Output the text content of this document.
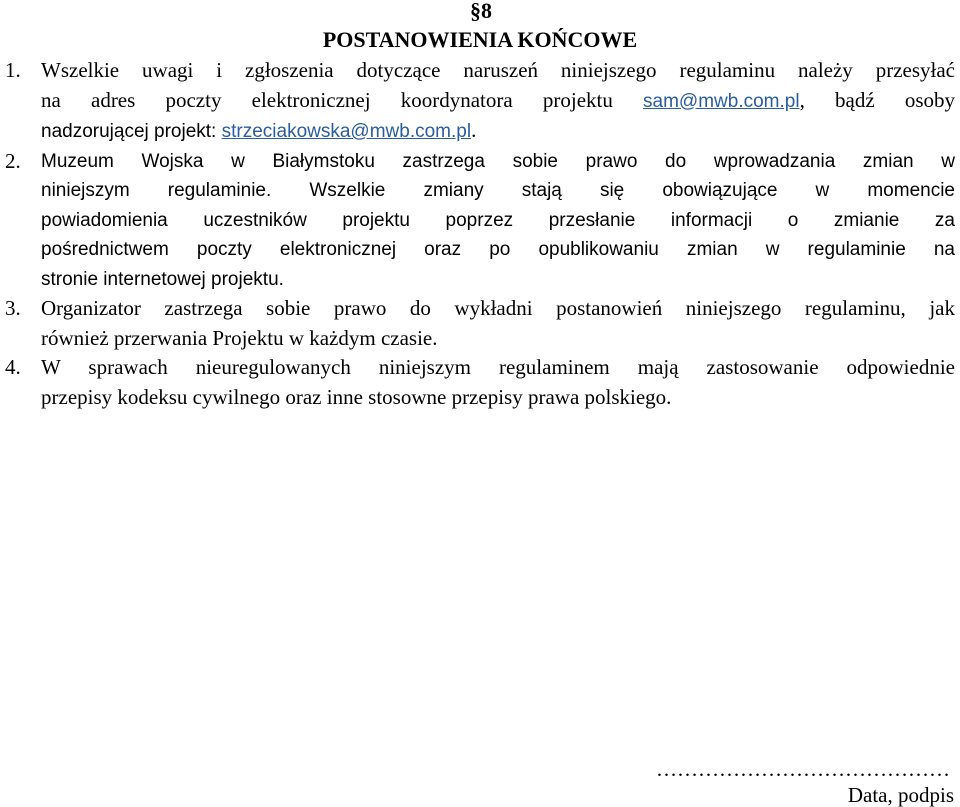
§8
POSTANOWIENIA KOŃCOWE
1. Wszelkie uwagi i zgłoszenia dotyczące naruszeń niniejszego regulaminu należy przesyłać
na adres poczty elektronicznej koordynatora projektu sam@mwb.com.pl, bądź osoby
nadzorującej projekt: strzeciakowska@mwb.com.pl.
2.	Muzeum Wojska w Białymstoku zastrzega sobie prawo do wprowadzania zmian w
niniejszym regulaminie. Wszelkie zmiany stają się obowiązujące w momencie
powiadomienia uczestników projektu poprzez przesłanie informacji o zmianie za
pośrednictwem poczty elektronicznej oraz po opublikowaniu zmian w regulaminie na
stronie internetowej projektu.
3. Organizator zastrzega sobie prawo do wykładni postanowień niniejszego regulaminu, jak
również przerwania Projektu w każdym czasie.
4. W sprawach nieuregulowanych niniejszym regulaminem mają zastosowanie odpowiednie
przepisy kodeksu cywilnego oraz inne stosowne przepisy prawa polskiego.
……………………………………
Data, podpis
